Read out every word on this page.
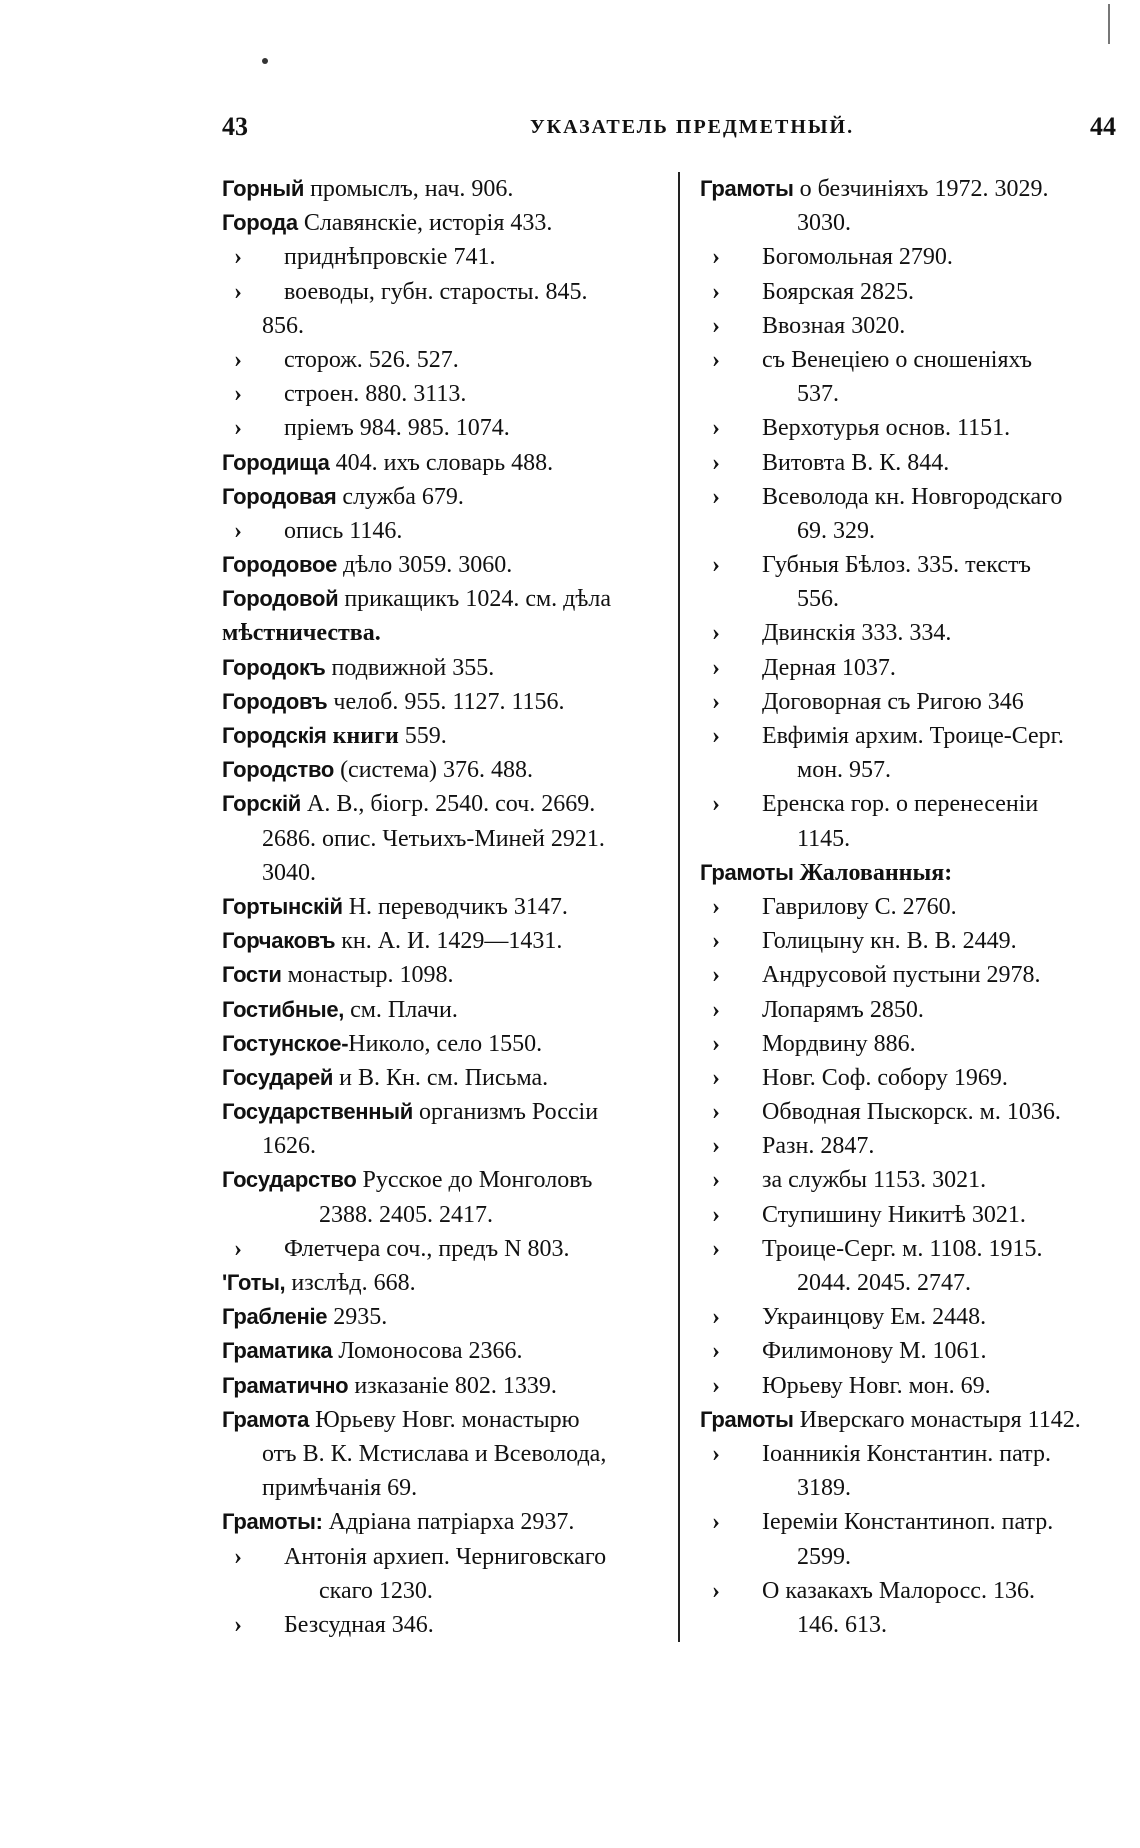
43	УКАЗАТЕЛЬ ПРЕДМЕТНЫЙ.	44
Горный промыслъ, нач. 906.
Города Славянскіе, исторія 433.
› приднѣпровскіе 741.
› воеводы, губн. старосты. 845.
856.
› сторож. 526. 527.
› строен. 880. 3113.
› пріемъ 984. 985. 1074.
Городища 404. ихъ словарь 488.
Городовая служба 679.
› опись 1146.
Городовое дѣло 3059. 3060.
Городовой прикащикъ 1024. см. дѣла
мѣстничества.
Городокъ подвижной 355.
Городовъ челоб. 955. 1127. 1156.
Городскія книги 559.
Городство (система) 376. 488.
Горскій А. В., біогр. 2540. соч. 2669.
2686. опис. Четьихъ-Миней 2921.
3040.
Гортынскій Н. переводчикъ 3147.
Горчаковъ кн. А. И. 1429—1431.
Гости монастыр. 1098.
Гостибные, см. Плачи.
Гостунское-Николо, село 1550.
Государей и В. Кн. см. Письма.
Государственный организмъ Россіи
1626.
Государство Русское до Монголовъ
2388. 2405. 2417.
› Флетчера соч., предъ N 803.
'Готы, изслѣд. 668.
Грабленіе 2935.
Граматика Ломоносова 2366.
Граматично изказаніе 802. 1339.
Грамота Юрьеву Новг. монастырю
отъ В. К. Мстислава и Всеволода,
примѣчанія 69.
Грамоты: Адріана патріарха 2937.
› Антонія архиеп. Черниговскаго
скаго 1230.
› Безсудная 346.
Грамоты о безчиніяхъ 1972. 3029.
3030.
› Богомольная 2790.
› Боярская 2825.
› Ввозная 3020.
› съ Венеціею о сношеніяхъ
537.
› Верхотурья основ. 1151.
› Витовта В. К. 844.
› Всеволода кн. Новгородскаго
69. 329.
› Губныя Бѣлоз. 335. текстъ
556.
› Двинскія 333. 334.
› Дерная 1037.
› Договорная съ Ригою 346
› Евфимія архим. Троице-Серг.
мон. 957.
› Еренска гор. о перенесеніи
1145.
Грамоты Жалованныя:
› Гаврилову С. 2760.
› Голицыну кн. В. В. 2449.
› Андрусовой пустыни 2978.
› Лопарямъ 2850.
› Мордвину 886.
› Новг. Соф. собору 1969.
› Обводная Пыскорск. м. 1036.
› Разн. 2847.
› за службы 1153. 3021.
› Ступишину Никитѣ 3021.
› Троице-Серг. м. 1108. 1915.
2044. 2045. 2747.
› Украинцову Ем. 2448.
› Филимонову М. 1061.
› Юрьеву Новг. мон. 69.
Грамоты Иверскаго монастыря 1142.
› Іоанникія Константин. патр.
3189.
› Іереміи Константиноп. патр.
2599.
› О казакахъ Малоросс. 136.
146. 613.
